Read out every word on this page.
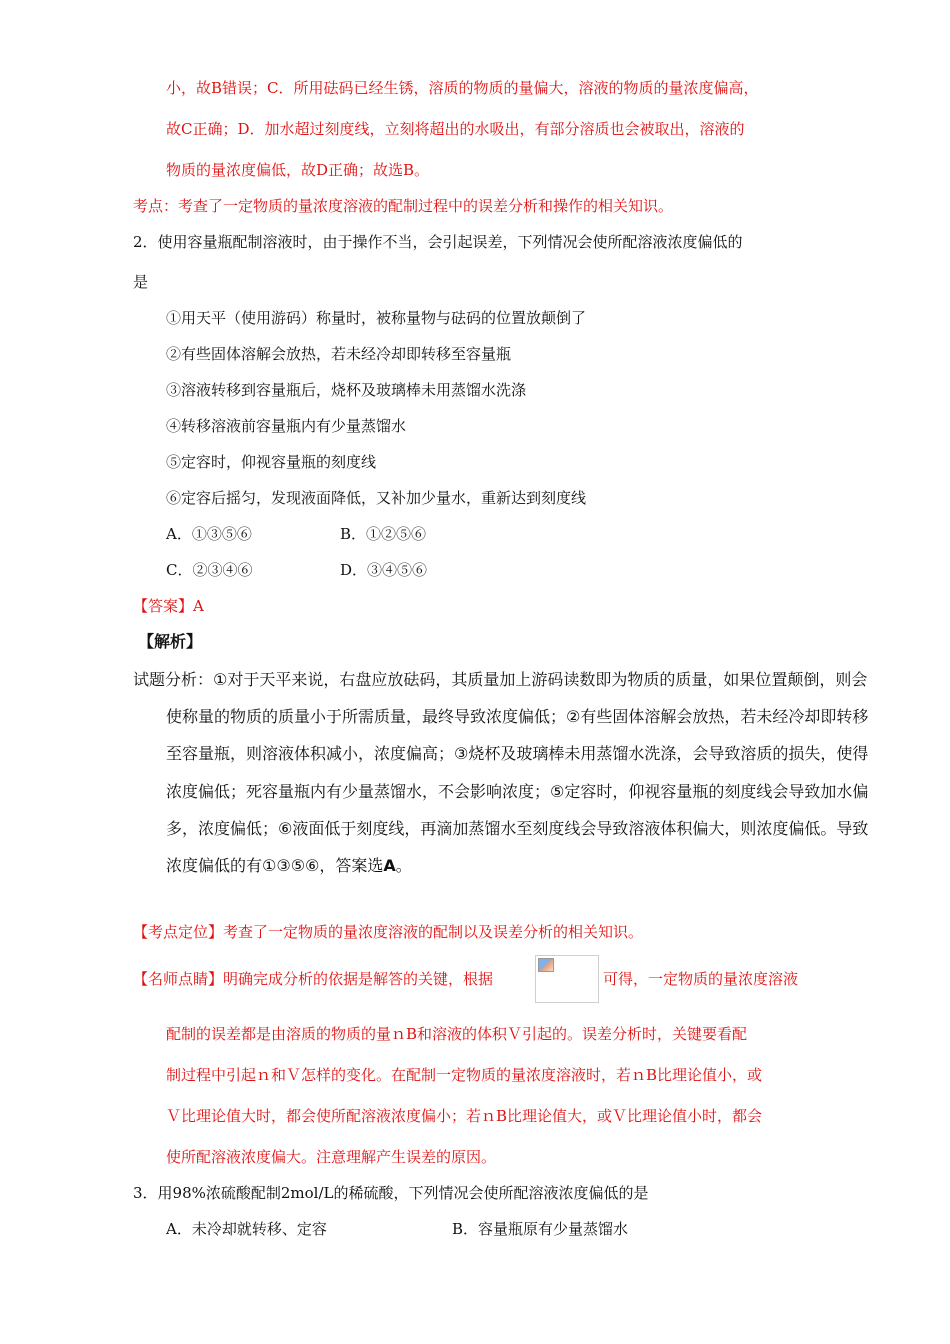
小，故B错误；C．所用砝码已经生锈，溶质的物质的量偏大，溶液的物质的量浓度偏高，
故C正确；D．加水超过刻度线，立刻将超出的水吸出，有部分溶质也会被取出，溶液的
物质的量浓度偏低，故D正确；故选B。
考点：考查了一定物质的量浓度溶液的配制过程中的误差分析和操作的相关知识。
2．使用容量瓶配制溶液时，由于操作不当，会引起误差，下列情况会使所配溶液浓度偏低的
是
①用天平（使用游码）称量时，被称量物与砝码的位置放颠倒了
②有些固体溶解会放热，若未经冷却即转移至容量瓶
③溶液转移到容量瓶后，烧杯及玻璃棒未用蒸馏水洗涤
④转移溶液前容量瓶内有少量蒸馏水
⑤定容时，仰视容量瓶的刻度线
⑥定容后摇匀，发现液面降低，又补加少量水，重新达到刻度线
A．①③⑤⑥	B．①②⑤⑥
C．②③④⑥	D．③④⑤⑥
【答案】A
【解析】
试题分析：①对于天平来说，右盘应放砝码，其质量加上游码读数即为物质的质量，如果位置颠倒，则会
使称量的物质的质量小于所需质量，最终导致浓度偏低；②有些固体溶解会放热，若未经冷却即转移
至容量瓶，则溶液体积减小，浓度偏高；③烧杯及玻璃棒未用蒸馏水洗涤，会导致溶质的损失，使得
浓度偏低；死容量瓶内有少量蒸馏水，不会影响浓度；⑤定容时，仰视容量瓶的刻度线会导致加水偏
多，浓度偏低；⑥液面低于刻度线，再滴加蒸馏水至刻度线会导致溶液体积偏大，则浓度偏低。导致
浓度偏低的有①③⑤⑥，答案选A。
【考点定位】考查了一定物质的量浓度溶液的配制以及误差分析的相关知识。
【名师点睛】明确完成分析的依据是解答的关键，根据	可得，一定物质的量浓度溶液
配制的误差都是由溶质的物质的量ｎB和溶液的体积Ｖ引起的。误差分析时，关键要看配
制过程中引起ｎ和Ｖ怎样的变化。在配制一定物质的量浓度溶液时，若ｎB比理论值小，或
Ｖ比理论值大时，都会使所配溶液浓度偏小；若ｎB比理论值大，或Ｖ比理论值小时，都会
使所配溶液浓度偏大。注意理解产生误差的原因。
3．用98%浓硫酸配制2mol/L的稀硫酸，下列情况会使所配溶液浓度偏低的是
A．未冷却就转移、定容	B．容量瓶原有少量蒸馏水
